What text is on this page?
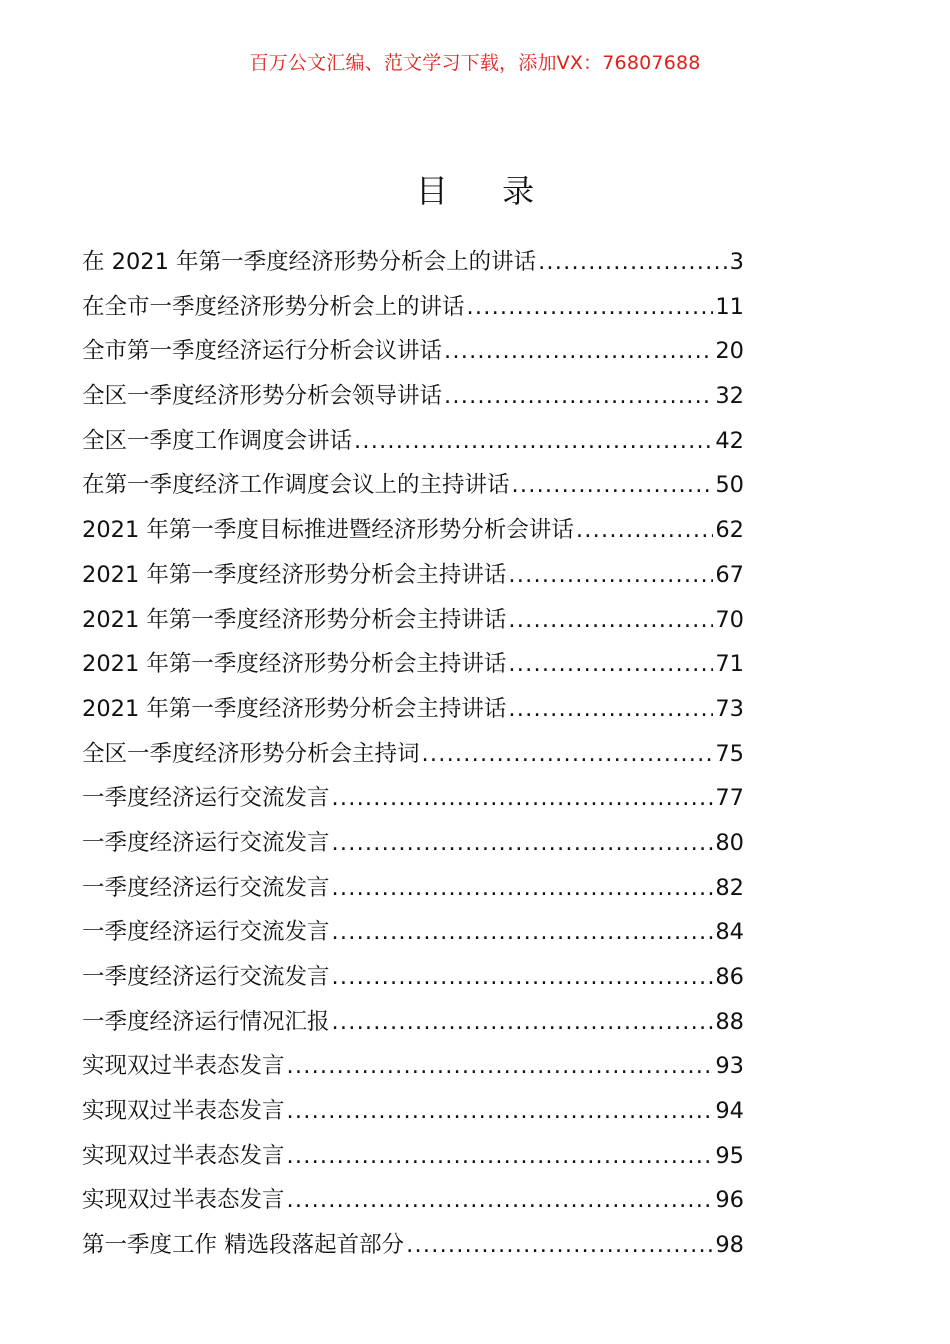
百万公文汇编、范文学习下载，添加VX：76807688
目 录
在 2021 年第一季度经济形势分析会上的讲话 .....	3
在全市一季度经济形势分析会上的讲话 .....	11
全市第一季度经济运行分析会议讲话 .....	20
全区一季度经济形势分析会领导讲话 .....	32
全区一季度工作调度会讲话 .....	42
在第一季度经济工作调度会议上的主持讲话 .....	50
2021 年第一季度目标推进暨经济形势分析会讲话 .....	62
2021 年第一季度经济形势分析会主持讲话 .....	67
2021 年第一季度经济形势分析会主持讲话 .....	70
2021 年第一季度经济形势分析会主持讲话 .....	71
2021 年第一季度经济形势分析会主持讲话 .....	73
全区一季度经济形势分析会主持词 .....	75
一季度经济运行交流发言 .....	77
一季度经济运行交流发言 .....	80
一季度经济运行交流发言 .....	82
一季度经济运行交流发言 .....	84
一季度经济运行交流发言 .....	86
一季度经济运行情况汇报 .....	88
实现双过半表态发言 .....	93
实现双过半表态发言 .....	94
实现双过半表态发言 .....	95
实现双过半表态发言 .....	96
第一季度工作 精选段落起首部分 .....	98
